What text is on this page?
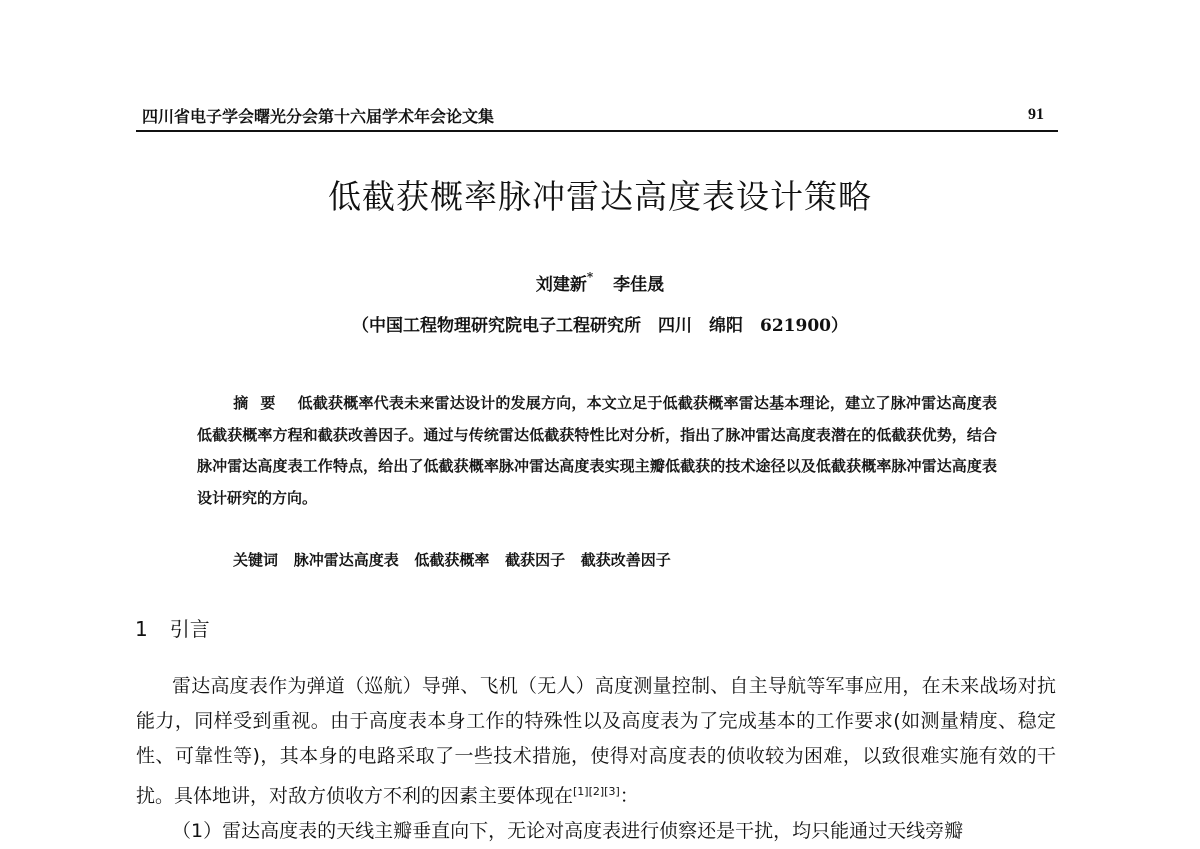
四川省电子学会曙光分会第十六届学术年会论文集	91
低截获概率脉冲雷达高度表设计策略
刘建新* 李佳晟
（中国工程物理研究院电子工程研究所　四川　绵阳　621900）
摘要 低截获概率代表未来雷达设计的发展方向，本文立足于低截获概率雷达基本理论，建立了脉冲雷达高度表低截获概率方程和截获改善因子。通过与传统雷达低截获特性比对分析，指出了脉冲雷达高度表潜在的低截获优势，结合脉冲雷达高度表工作特点，给出了低截获概率脉冲雷达高度表实现主瓣低截获的技术途径以及低截获概率脉冲雷达高度表设计研究的方向。
关键词 脉冲雷达高度表 低截获概率 截获因子 截获改善因子
1 引言

雷达高度表作为弹道（巡航）导弹、飞机（无人）高度测量控制、自主导航等军事应用，在未来战场对抗能力，同样受到重视。由于高度表本身工作的特殊性以及高度表为了完成基本的工作要求(如测量精度、稳定性、可靠性等)，其本身的电路采取了一些技术措施，使得对高度表的侦收较为困难，以致很难实施有效的干扰。具体地讲，对敌方侦收方不利的因素主要体现在[1][2][3]：

（1）雷达高度表的天线主瓣垂直向下，无论对高度表进行侦察还是干扰，均只能通过天线旁瓣
